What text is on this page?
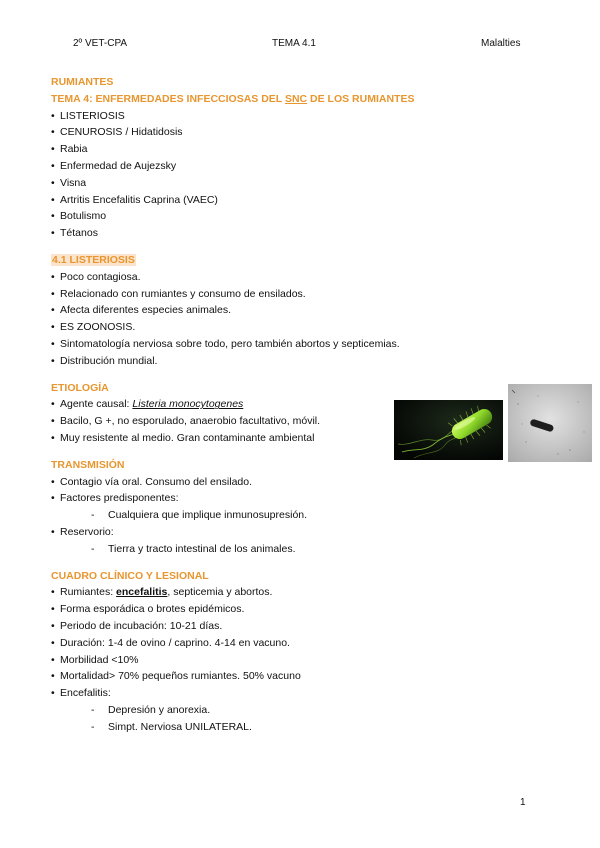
2º VET-CPA	TEMA 4.1	Malalties
RUMIANTES
TEMA 4: ENFERMEDADES INFECCIOSAS DEL SNC DE LOS RUMIANTES
• LISTERIOSIS
• CENUROSIS / Hidatidosis
• Rabia
• Enfermedad de Aujezsky
• Visna
• Artritis Encefalitis Caprina (VAEC)
• Botulismo
• Tétanos
4.1 LISTERIOSIS
• Poco contagiosa.
• Relacionado con rumiantes y consumo de ensilados.
• Afecta diferentes especies animales.
• ES ZOONOSIS.
• Sintomatología nerviosa sobre todo, pero también abortos y septicemias.
• Distribución mundial.
ETIOLOGÍA
• Agente causal: Listeria monocytogenes
• Bacilo, G +, no esporulado, anaerobio facultativo, móvil.
• Muy resistente al medio. Gran contaminante ambiental
TRANSMISIÓN
• Contagio vía oral. Consumo del ensilado.
• Factores predisponentes:
- Cualquiera que implique inmunosupresión.
• Reservorio:
- Tierra y tracto intestinal de los animales.
CUADRO CLÍNICO Y LESIONAL
• Rumiantes: encefalitis, septicemia y abortos.
• Forma esporádica o brotes epidémicos.
• Periodo de incubación: 10-21 días.
• Duración: 1-4 de ovino / caprino. 4-14 en vacuno.
• Morbilidad <10%
• Mortalidad> 70% pequeños rumiantes. 50% vacuno
• Encefalitis:
- Depresión y anorexia.
- Simpt. Nerviosa UNILATERAL.
1
